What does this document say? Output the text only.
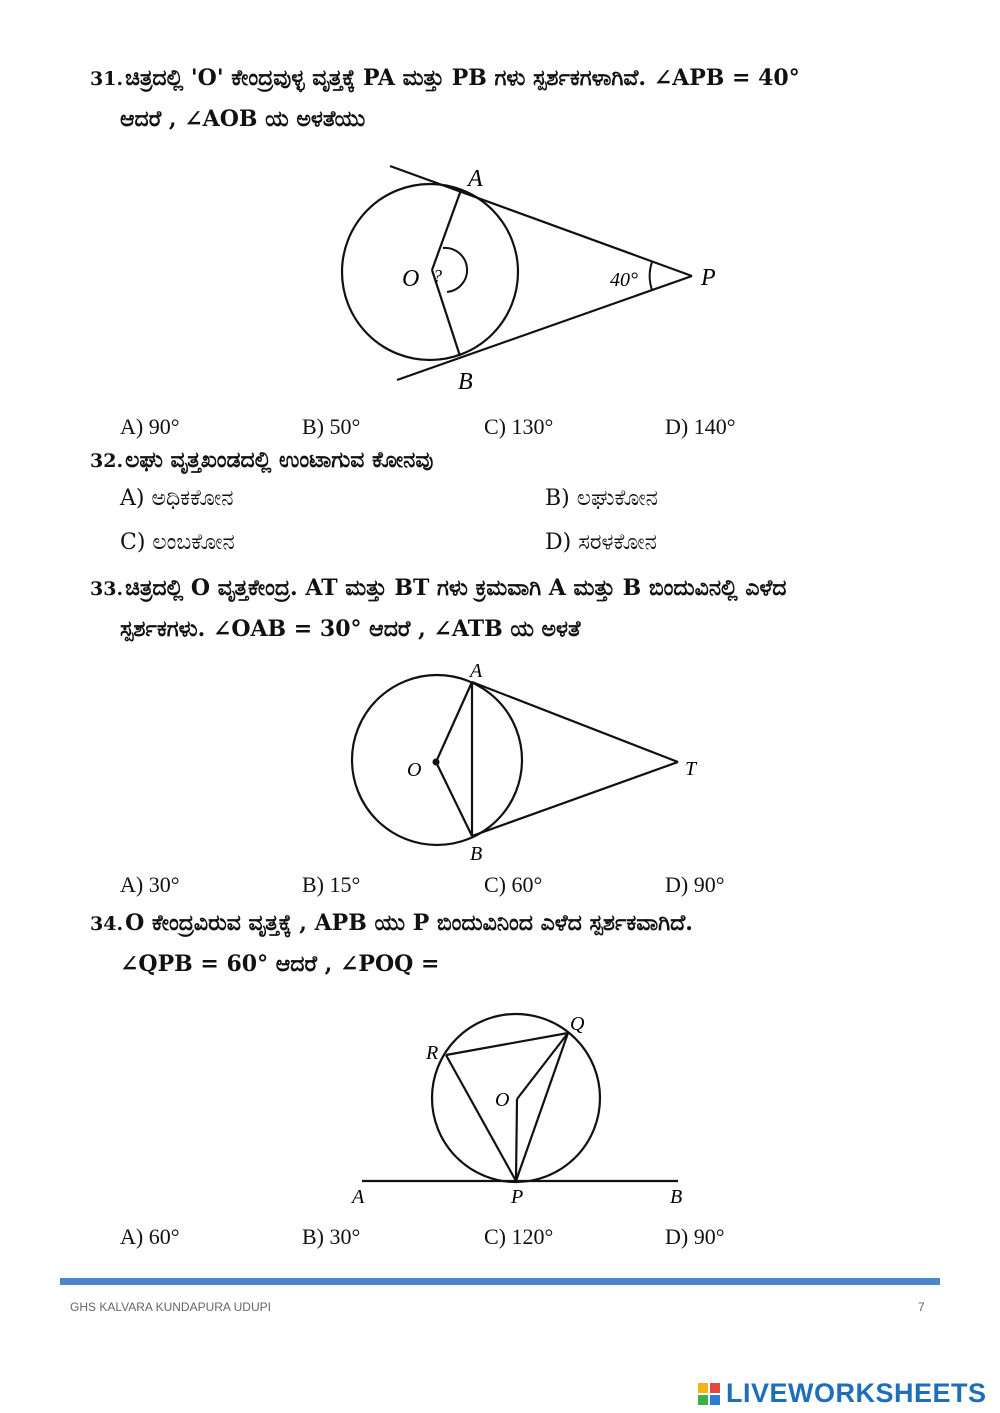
31.ಚಿತ್ರದಲ್ಲಿ 'O' ಕೇಂದ್ರವುಳ್ಳ ವೃತ್ತಕ್ಕೆ PA ಮತ್ತು PB ಗಳು ಸ್ಪರ್ಶಕಗಳಾಗಿವೆ. ∠APB = 40°
ಆದರೆ , ∠AOB ಯ ಅಳತೆಯು
A
O ?	40°	P
B
A) 90°	B) 50°	C) 130°	D) 140°
32.ಲಘು ವೃತ್ತಖಂಡದಲ್ಲಿ ಉಂಟಾಗುವ ಕೋನವು
A) ಅಧಿಕಕೋನ	B) ಲಘುಕೋನ
C) ಲಂಬಕೋನ	D) ಸರಳಕೋನ
33.ಚಿತ್ರದಲ್ಲಿ O ವೃತ್ತಕೇಂದ್ರ. AT ಮತ್ತು BT ಗಳು ಕ್ರಮವಾಗಿ A ಮತ್ತು B ಬಿಂದುವಿನಲ್ಲಿ ಎಳೆದ
ಸ್ಪರ್ಶಕಗಳು. ∠OAB = 30° ಆದರೆ , ∠ATB ಯ ಅಳತೆ
A
O	T
B
A) 30°	B) 15°	C) 60°	D) 90°
34.O ಕೇಂದ್ರವಿರುವ ವೃತ್ತಕ್ಕೆ , APB ಯು P ಬಿಂದುವಿನಿಂದ ಎಳೆದ ಸ್ಪರ್ಶಕವಾಗಿದೆ.
∠QPB = 60° ಆದರೆ , ∠POQ =
Q
R
O
A	P	B
A) 60°	B) 30°	C) 120°	D) 90°
GHS KALVARA KUNDAPURA UDUPI	7
LIVEWORKSHEETS
